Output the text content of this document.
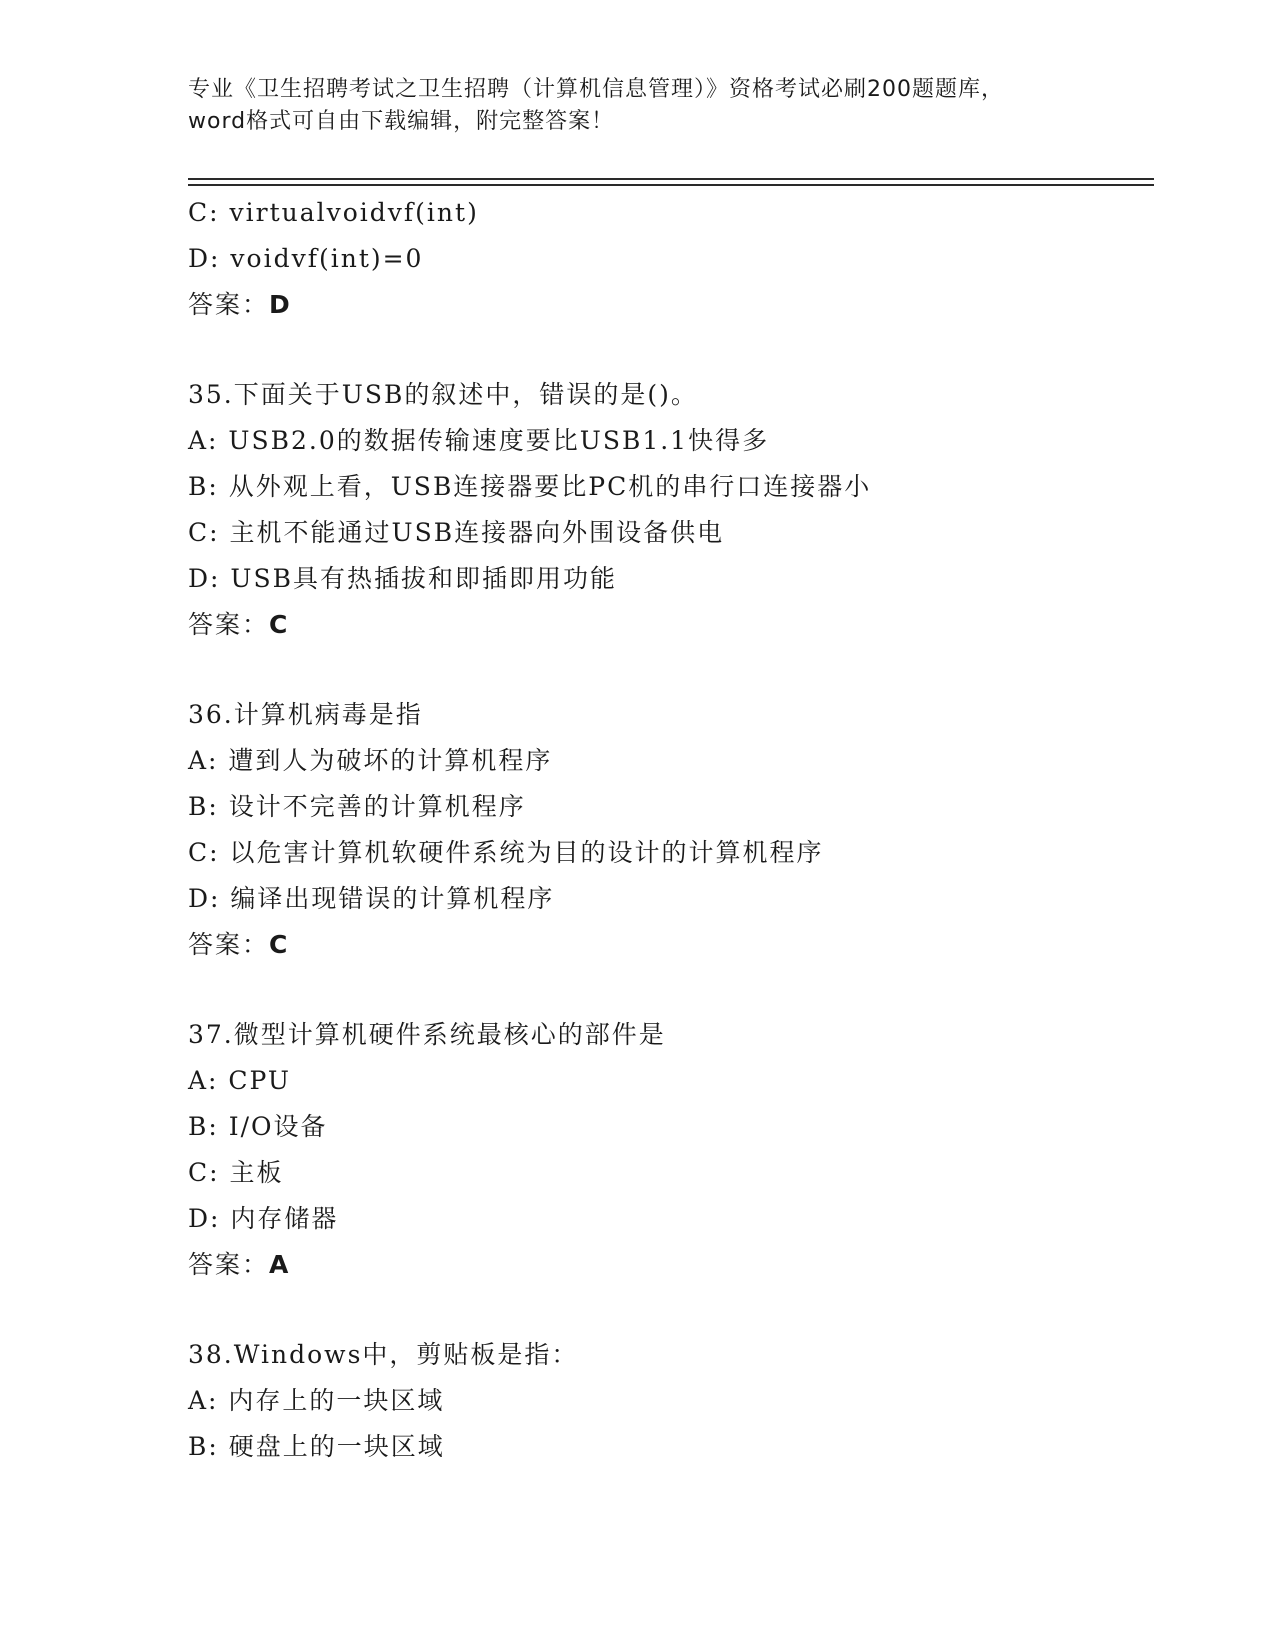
专业《卫生招聘考试之卫生招聘（计算机信息管理）》资格考试必刷200题题库，
word格式可自由下载编辑，附完整答案！
C: virtualvoidvf(int)
D: voidvf(int)=0
答案：D
35.下面关于USB的叙述中，错误的是()。
A: USB2.0的数据传输速度要比USB1.1快得多
B: 从外观上看，USB连接器要比PC机的串行口连接器小
C: 主机不能通过USB连接器向外围设备供电
D: USB具有热插拔和即插即用功能
答案：C
36.计算机病毒是指
A: 遭到人为破坏的计算机程序
B: 设计不完善的计算机程序
C: 以危害计算机软硬件系统为目的设计的计算机程序
D: 编译出现错误的计算机程序
答案：C
37.微型计算机硬件系统最核心的部件是
A: CPU
B: I/O设备
C: 主板
D: 内存储器
答案：A
38.Windows中，剪贴板是指：
A: 内存上的一块区域
B: 硬盘上的一块区域
